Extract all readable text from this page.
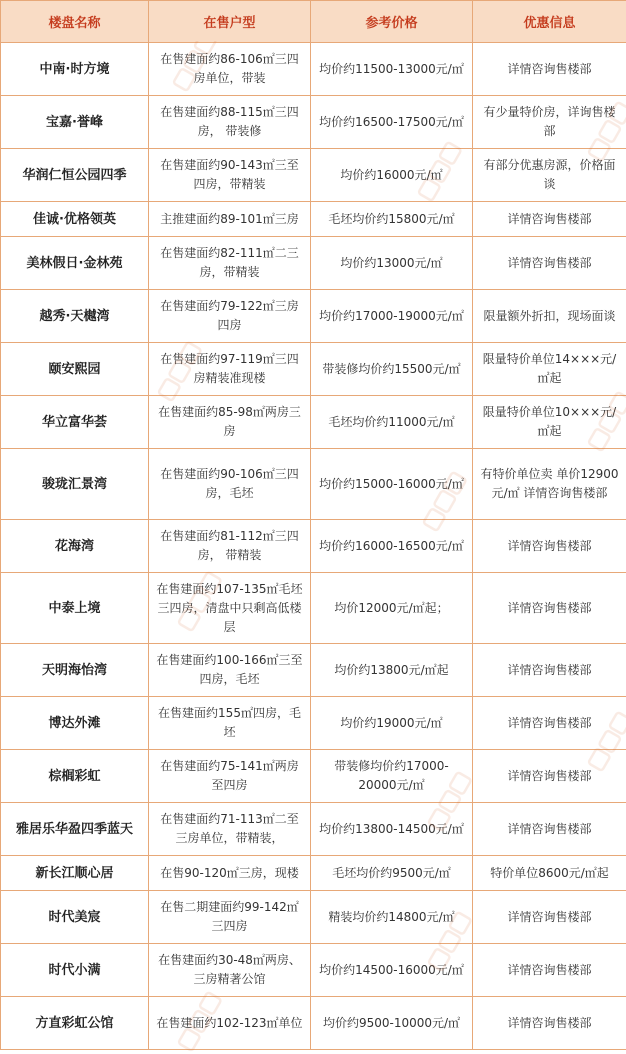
楼盘名称	在售户型	参考价格	优惠信息
中南·时方境	在售建面约86-106㎡三四房单位，带装	均价约11500-13000元/㎡	详情咨询售楼部
宝嘉·誉峰	在售建面约88-115㎡三四房， 带装修	均价约16500-17500元/㎡	有少量特价房，详询售楼部
华润仁恒公园四季	在售建面约90-143㎡三至四房，带精装	均价约16000元/㎡	有部分优惠房源，价格面谈
佳诚·优格领英	主推建面约89-101㎡三房	毛坯均价约15800元/㎡	详情咨询售楼部
美林假日·金林苑	在售建面约82-111㎡二三房，带精装	均价约13000元/㎡	详情咨询售楼部
越秀·天樾湾	在售建面约79-122㎡三房四房	均价约17000-19000元/㎡	限量额外折扣，现场面谈
颐安熙园	在售建面约97-119㎡三四房精装准现楼	带装修均价约15500元/㎡	限量特价单位14×××元/㎡起
华立富华荟	在售建面约85-98㎡两房三房	毛坯均价约11000元/㎡	限量特价单位10×××元/㎡起
骏珑汇景湾	在售建面约90-106㎡三四房，毛坯	均价约15000-16000元/㎡	有特价单位卖 单价12900元/㎡ 详情咨询售楼部
花海湾	在售建面约81-112㎡三四房， 带精装	均价约16000-16500元/㎡	详情咨询售楼部
中泰上境	在售建面约107-135㎡毛坯三四房，清盘中只剩高低楼层	均价12000元/㎡起；	详情咨询售楼部
天明海怡湾	在售建面约100-166㎡三至四房，毛坯	均价约13800元/㎡起	详情咨询售楼部
博达外滩	在售建面约155㎡四房，毛坯	均价约19000元/㎡	详情咨询售楼部
棕榈彩虹	在售建面约75-141㎡两房至四房	带装修均价约17000-20000元/㎡	详情咨询售楼部
雅居乐华盈四季蓝天	在售建面约71-113㎡二至三房单位，带精装，	均价约13800-14500元/㎡	详情咨询售楼部
新长江顺心居	在售90-120㎡三房，现楼	毛坯均价约9500元/㎡	特价单位8600元/㎡起
时代美宸	在售二期建面约99-142㎡三四房	精装均价约14800元/㎡	详情咨询售楼部
时代小满	在售建面约30-48㎡两房、三房精著公馆	均价约14500-16000元/㎡	详情咨询售楼部
方直彩虹公馆	在售建面约102-123㎡单位	均价约9500-10000元/㎡	详情咨询售楼部
